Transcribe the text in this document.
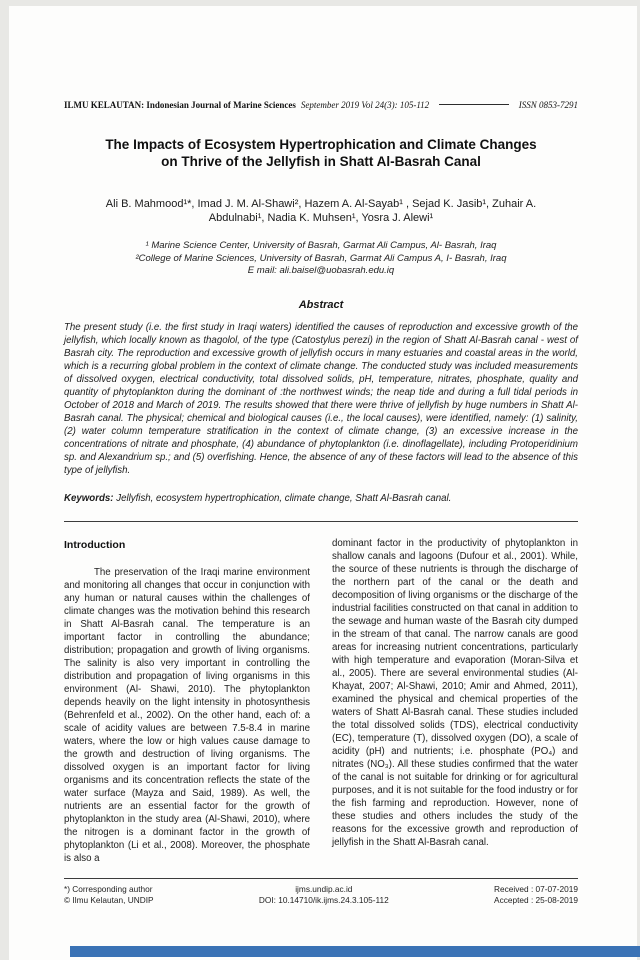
ILMU KELAUTAN: Indonesian Journal of Marine Sciences September 2019 Vol 24(3): 105-112	ISSN 0853-7291
The Impacts of Ecosystem Hypertrophication and Climate Changes
on Thrive of the Jellyfish in Shatt Al-Basrah Canal
Ali B. Mahmood¹*, Imad J. M. Al-Shawi², Hazem A. Al-Sayab¹ , Sejad K. Jasib¹, Zuhair A. Abdulnabi¹, Nadia K. Muhsen¹, Yosra J. Alewi¹
¹ Marine Science Center, University of Basrah, Garmat Ali Campus, Al- Basrah, Iraq
²College of Marine Sciences, University of Basrah, Garmat Ali Campus A, I- Basrah, Iraq
E mail: ali.baisel@uobasrah.edu.iq
Abstract
The present study (i.e. the first study in Iraqi waters) identified the causes of reproduction and excessive growth of the jellyfish, which locally known as thagolol, of the type (Catostylus perezi) in the region of Shatt Al-Basrah canal - west of Basrah city. The reproduction and excessive growth of jellyfish occurs in many estuaries and coastal areas in the world, which is a recurring global problem in the context of climate change. The conducted study was included measurements of dissolved oxygen, electrical conductivity, total dissolved solids, pH, temperature, nitrates, phosphate, quality and quantity of phytoplankton during the dominant of :the northwest winds; the neap tide and during a full tidal periods in October of 2018 and March of 2019. The results showed that there were thrive of jellyfish by huge numbers in Shatt Al-Basrah canal. The physical; chemical and biological causes (i.e., the local causes), were identified, namely: (1) salinity, (2) water column temperature stratification in the context of climate change, (3) an excessive increase in the concentrations of nitrate and phosphate, (4) abundance of phytoplankton (i.e. dinoflagellate), including Protoperidinium sp. and Alexandrium sp.; and (5) overfishing. Hence, the absence of any of these factors will lead to the absence of this type of jellyfish.
Keywords: Jellyfish, ecosystem hypertrophication, climate change, Shatt Al-Basrah canal.
Introduction

The preservation of the Iraqi marine environment and monitoring all changes that occur in conjunction with any human or natural causes within the challenges of climate changes was the motivation behind this research in Shatt Al-Basrah canal. The temperature is an important factor in controlling the abundance; distribution; propagation and growth of living organisms. The salinity is also very important in controlling the distribution and propagation of living organisms in this environment (Al- Shawi, 2010). The phytoplankton depends heavily on the light intensity in photosynthesis (Behrenfeld et al., 2002). On the other hand, each of: a scale of acidity values are between 7.5-8.4 in marine waters, where the low or high values cause damage to the growth and destruction of living organisms. The dissolved oxygen is an important factor for living organisms and its concentration reflects the state of the water surface (Mayza and Said, 1989). As well, the nutrients are an essential factor for the growth of phytoplankton in the study area (Al-Shawi, 2010), where the nitrogen is a dominant factor in the growth of phytoplankton (Li et al., 2008). Moreover, the phosphate is also a

dominant factor in the productivity of phytoplankton in shallow canals and lagoons (Dufour et al., 2001). While, the source of these nutrients is through the discharge of the northern part of the canal or the death and decomposition of living organisms or the discharge of the industrial facilities constructed on that canal in addition to the sewage and human waste of the Basrah city dumped in the stream of that canal. The narrow canals are good areas for increasing nutrient concentrations, particularly with high temperature and evaporation (Moran-Silva et al., 2005). There are several environmental studies (Al-Khayat, 2007; Al-Shawi, 2010; Amir and Ahmed, 2011), examined the physical and chemical properties of the waters of Shatt Al-Basrah canal. These studies included the total dissolved solids (TDS), electrical conductivity (EC), temperature (T), dissolved oxygen (DO), a scale of acidity (pH) and nutrients; i.e. phosphate (PO₄) and nitrates (NO₃). All these studies confirmed that the water of the canal is not suitable for drinking or for agricultural purposes, and it is not suitable for the food industry or for the fish farming and reproduction. However, none of these studies and others includes the study of the reasons for the excessive growth and reproduction of jellyfish in the Shatt Al-Basrah canal.

*) Corresponding author
© Ilmu Kelautan, UNDIP
ijms.undip.ac.id
DOI: 10.14710/ik.ijms.24.3.105-112
Received : 07-07-2019
Accepted : 25-08-2019
